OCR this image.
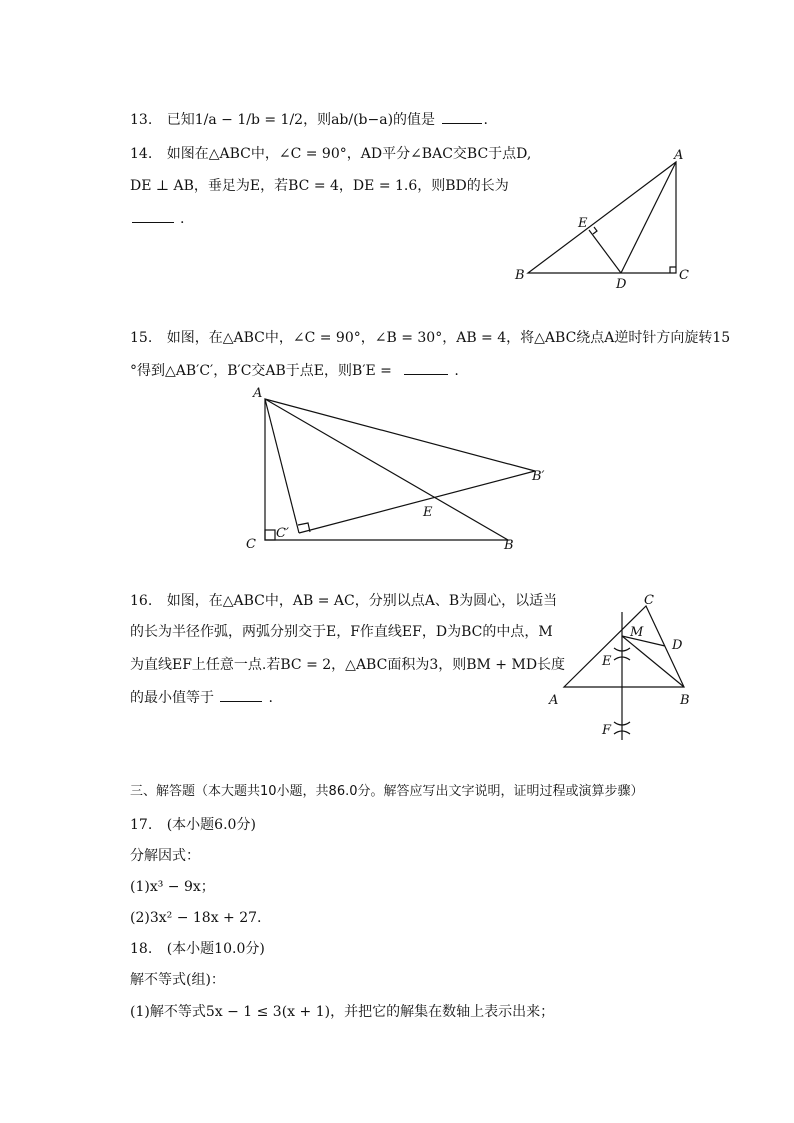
13. 已知1/a − 1/b = 1/2，则ab/(b−a)的值是	.
14. 如图在△ABC中，∠C = 90°，AD平分∠BAC交BC于点D,
DE ⊥ AB，垂足为E，若BC = 4，DE = 1.6，则BD的长为
.
A
B	C
D
E
15. 如图，在△ABC中，∠C = 90°，∠B = 30°，AB = 4，将△ABC绕点A逆时针方向旋转15
°得到△AB′C′，B′C交AB于点E，则B′E =	.
A
C
C′
B
B′
E
16. 如图，在△ABC中，AB = AC，分别以点A、B为圆心，以适当
的长为半径作弧，两弧分别交于E，F作直线EF，D为BC的中点，M
为直线EF上任意一点.若BC = 2，△ABC面积为3，则BM + MD长度
的最小值等于	.
C
A	B
D
E
F
M
三、解答题（本大题共10小题，共86.0分。解答应写出文字说明，证明过程或演算步骤）
17. (本小题6.0分)
分解因式：
(1)x³ − 9x；
(2)3x² − 18x + 27.
18. (本小题10.0分)
解不等式(组)：
(1)解不等式5x − 1 ≤ 3(x + 1)，并把它的解集在数轴上表示出来；
